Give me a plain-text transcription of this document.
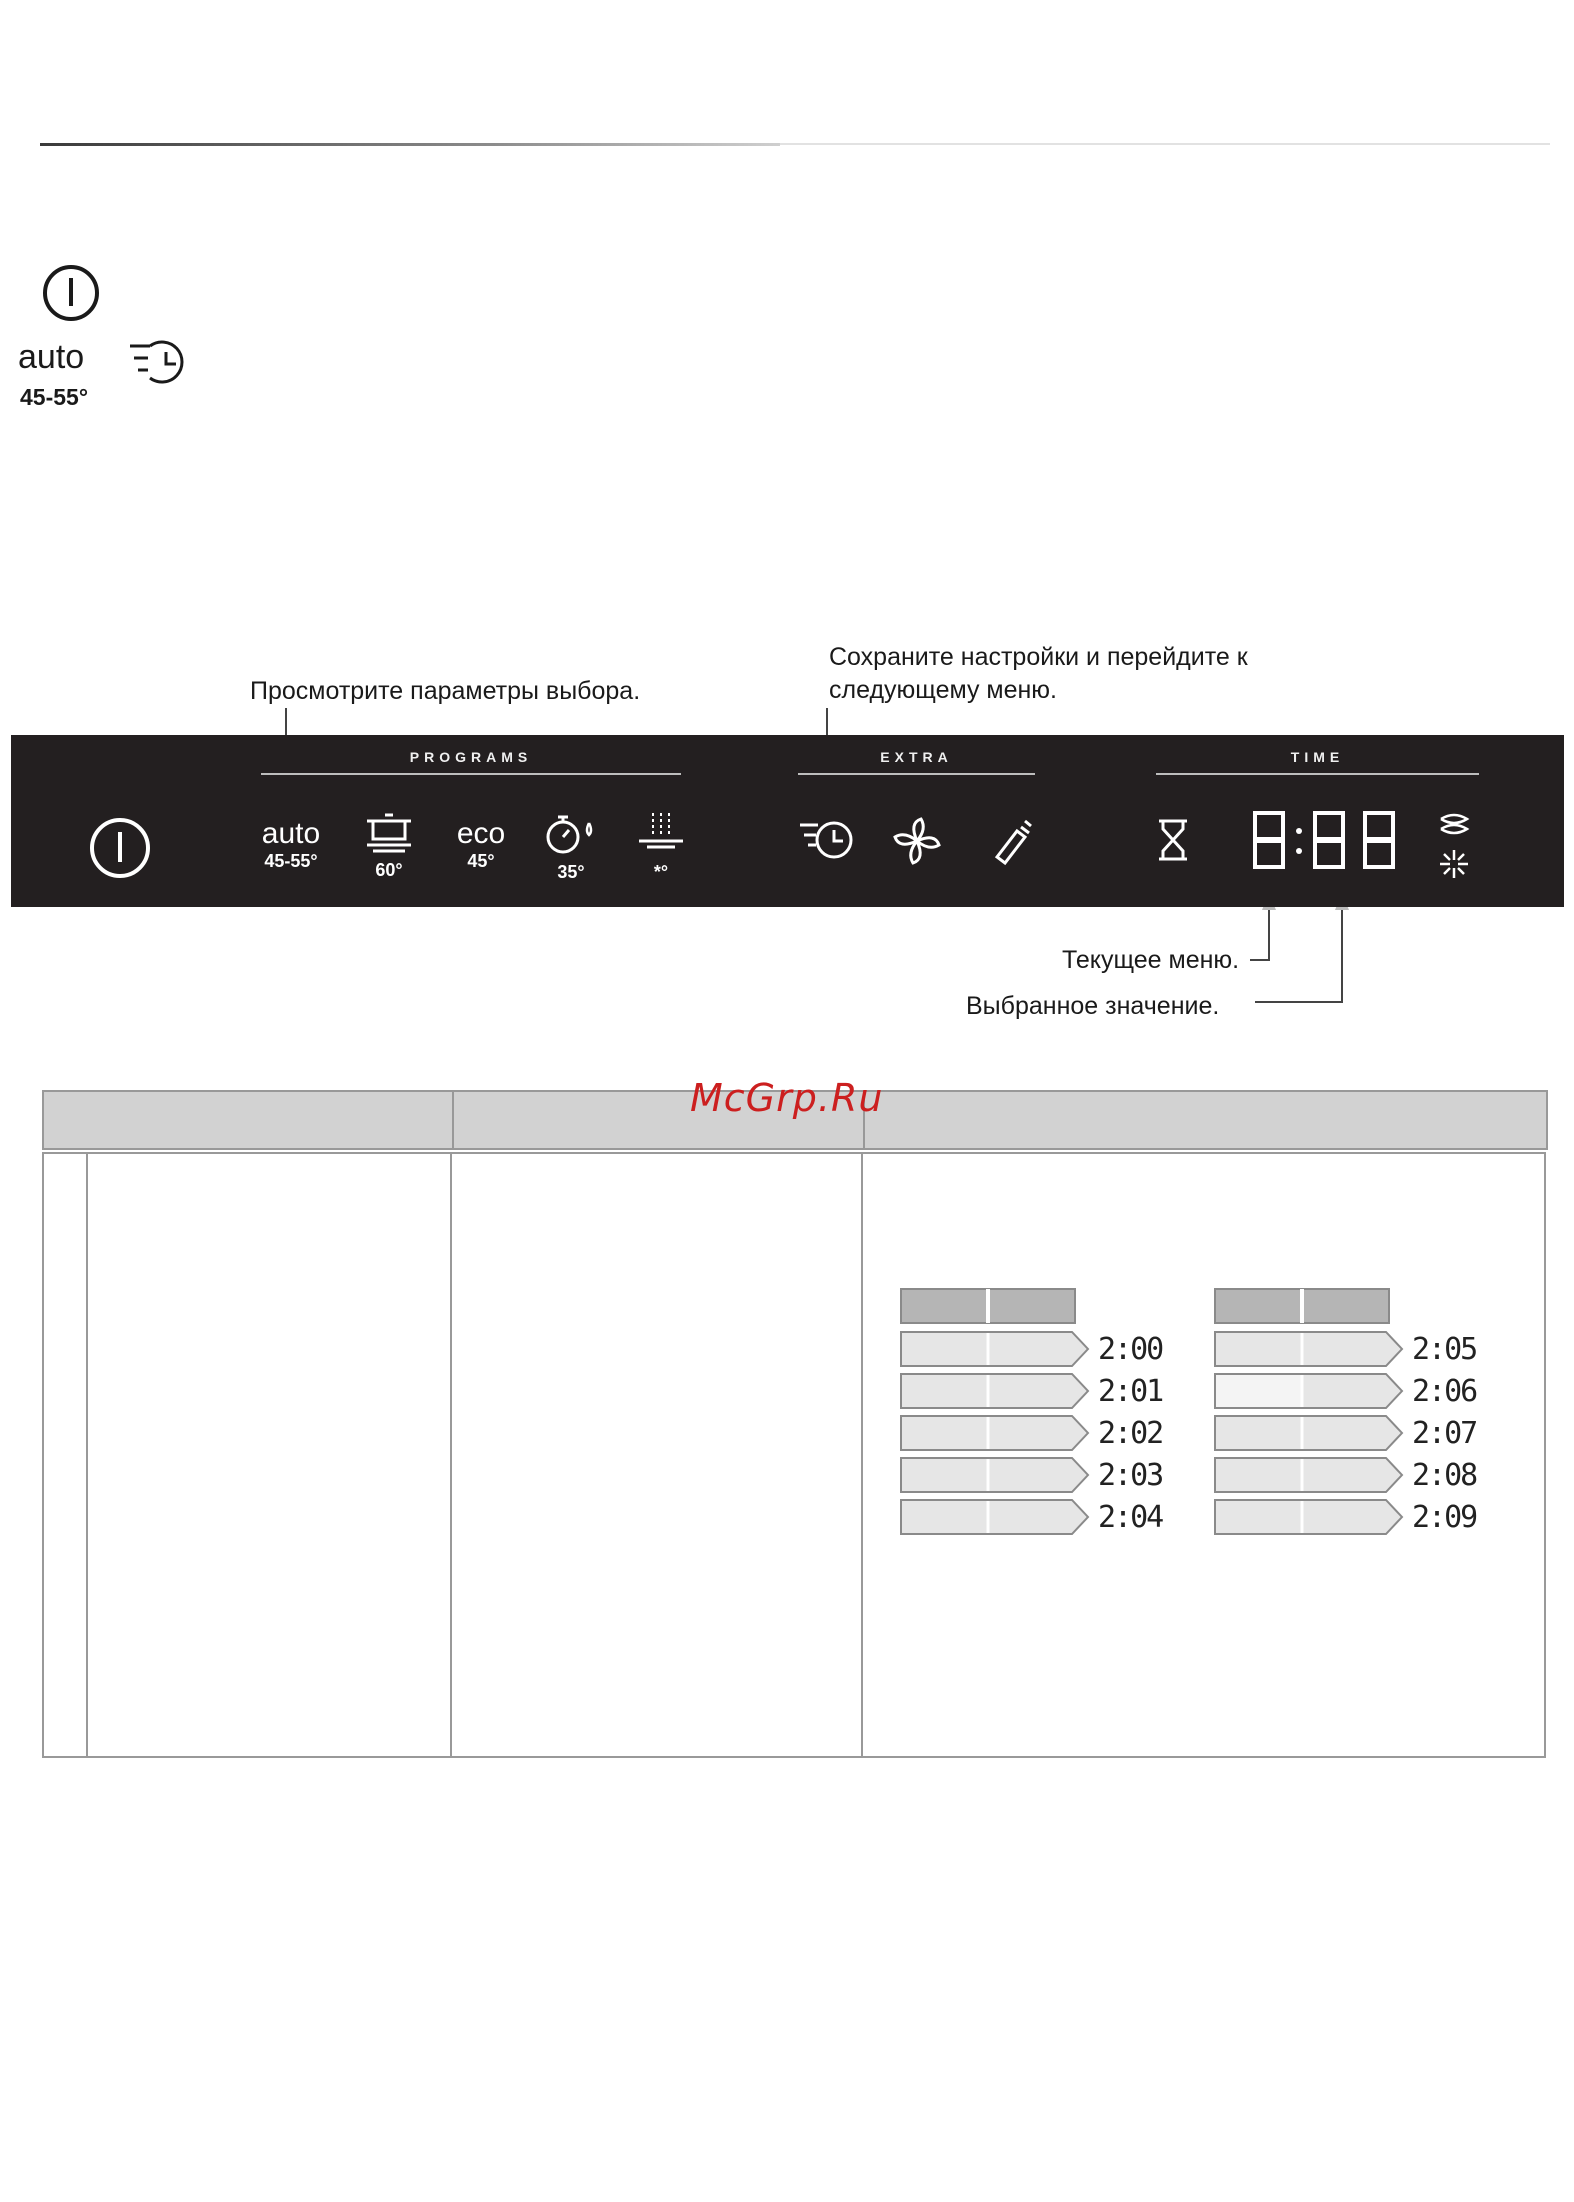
auto
45-55°
Просмотрите параметры выбора.
Сохраните настройки и перейдите к
следующему меню.
PROGRAMS	EXTRA	TIME
auto
45-55°	60°
eco
45°
35°	*°
Текущее меню.
Выбранное значение.
McGrp.Ru
2:00
2:01
2:02
2:03
2:04
2:05
2:06
2:07
2:08
2:09
